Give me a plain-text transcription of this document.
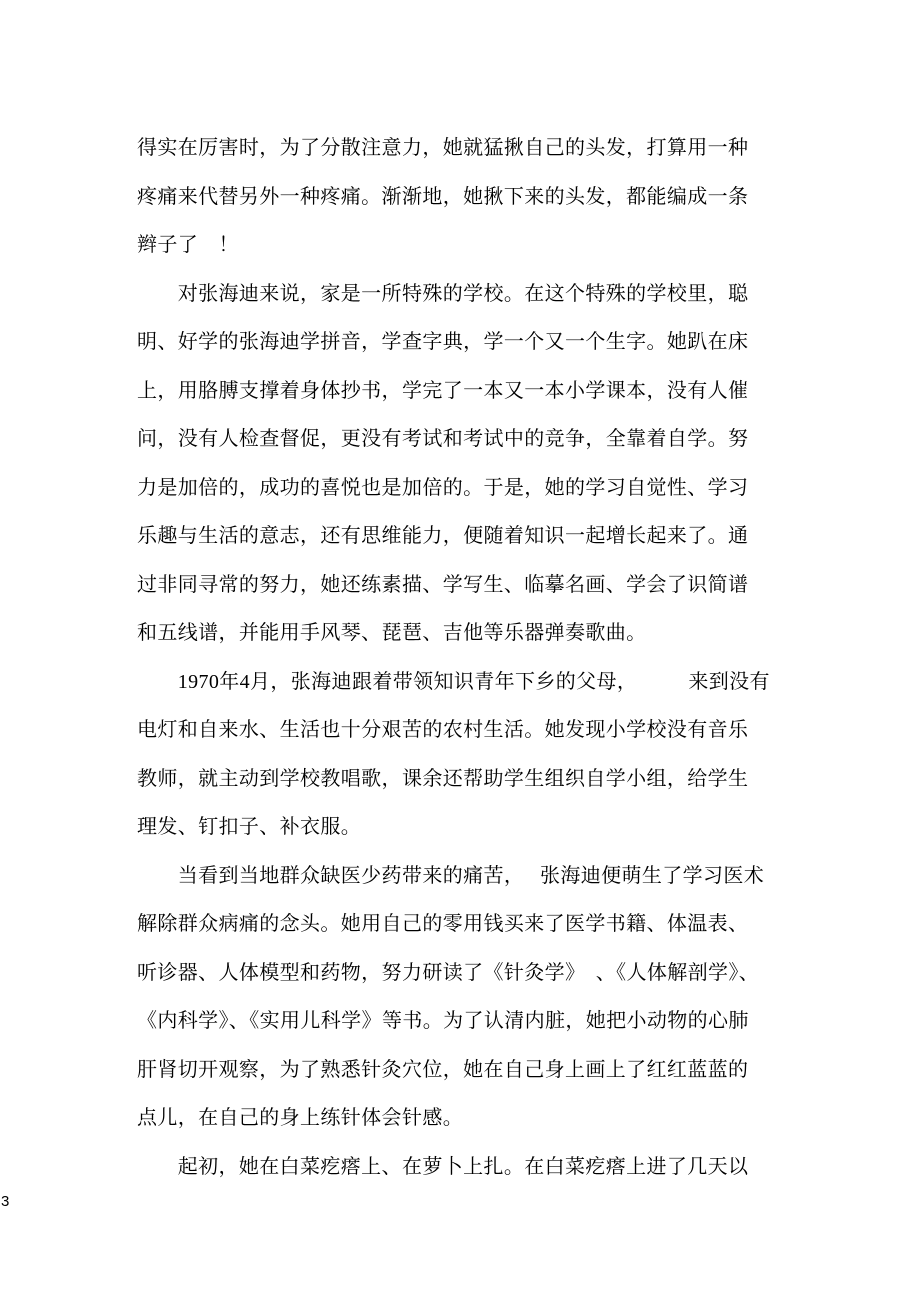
得实在厉害时，为了分散注意力，她就猛揪自己的头发，打算用一种
疼痛来代替另外一种疼痛。渐渐地，她揪下来的头发，都能编成一条
辫子了　！
　　对张海迪来说，家是一所特殊的学校。在这个特殊的学校里，聪
明、好学的张海迪学拼音，学查字典，学一个又一个生字。她趴在床
上，用胳膊支撑着身体抄书，学完了一本又一本小学课本，没有人催
问，没有人检查督促，更没有考试和考试中的竞争，全靠着自学。努
力是加倍的，成功的喜悦也是加倍的。于是，她的学习自觉性、学习
乐趣与生活的意志，还有思维能力，便随着知识一起增长起来了。通
过非同寻常的努力，她还练素描、学写生、临摹名画、学会了识简谱
和五线谱，并能用手风琴、琵琶、吉他等乐器弹奏歌曲。
　　1970年4月，张海迪跟着带领知识青年下乡的父母，　　　来到没有
电灯和自来水、生活也十分艰苦的农村生活。她发现小学校没有音乐
教师，就主动到学校教唱歌，课余还帮助学生组织自学小组，给学生
理发、钉扣子、补衣服。
　　当看到当地群众缺医少药带来的痛苦，　 张海迪便萌生了学习医术
解除群众病痛的念头。她用自己的零用钱买来了医学书籍、体温表、
听诊器、人体模型和药物，努力研读了《针灸学》　、《人体解剖学》、
《内科学》、《实用儿科学》等书。为了认清内脏，她把小动物的心肺
肝肾切开观察，为了熟悉针灸穴位，她在自己身上画上了红红蓝蓝的
点儿，在自己的身上练针体会针感。
　　起初，她在白菜疙瘩上、在萝卜上扎。在白菜疙瘩上进了几天以
3
